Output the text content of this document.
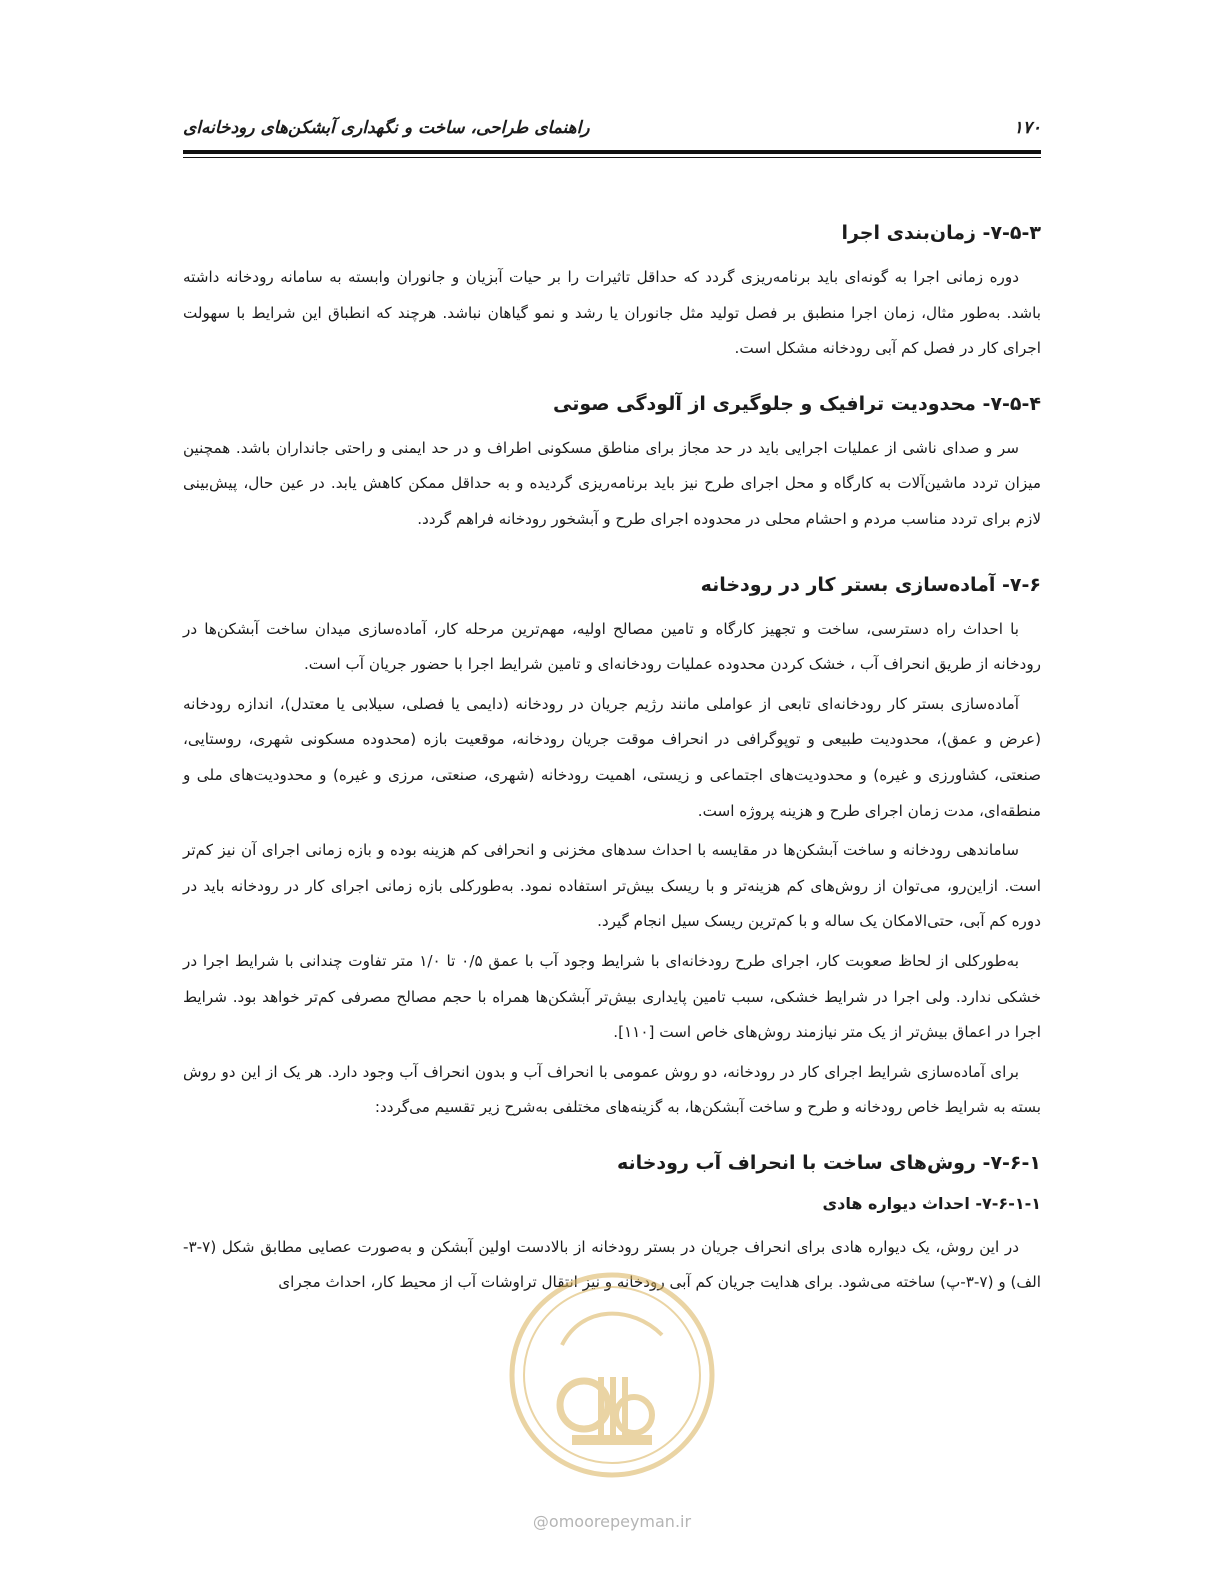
راهنمای طراحی، ساخت و نگهداری آبشکن‌های رودخانه‌ای	۱۷۰
۷-۵-۳- زمان‌بندی اجرا

دوره زمانی اجرا به گونه‌ای باید برنامه‌ریزی گردد که حداقل تاثیرات را بر حیات آبزیان و جانوران وابسته به سامانه رودخانه داشته باشد. به‌طور مثال، زمان اجرا منطبق بر فصل تولید مثل جانوران یا رشد و نمو گیاهان نباشد. هرچند که انطباق این شرایط با سهولت اجرای کار در فصل کم آبی رودخانه مشکل است.

۷-۵-۴- محدودیت ترافیک و جلوگیری از آلودگی صوتی

سر و صدای ناشی از عملیات اجرایی باید در حد مجاز برای مناطق مسکونی اطراف و در حد ایمنی و راحتی جانداران باشد. همچنین میزان تردد ماشین‌آلات به کارگاه و محل اجرای طرح نیز باید برنامه‌ریزی گردیده و به حداقل ممکن کاهش یابد. در عین حال، پیش‌بینی لازم برای تردد مناسب مردم و احشام محلی در محدوده اجرای طرح و آبشخور رودخانه فراهم گردد.

۷-۶- آماده‌سازی بستر کار در رودخانه

با احداث راه دسترسی، ساخت و تجهیز کارگاه و تامین مصالح اولیه، مهم‌ترین مرحله کار، آماده‌سازی میدان ساخت آبشکن‌ها در رودخانه از طریق انحراف آب ، خشک کردن محدوده عملیات رودخانه‌ای و تامین شرایط اجرا با حضور جریان آب است.

آماده‌سازی بستر کار رودخانه‌ای تابعی از عواملی مانند رژیم جریان در رودخانه (دایمی یا فصلی، سیلابی یا معتدل)، اندازه رودخانه (عرض و عمق)، محدودیت طبیعی و توپوگرافی در انحراف موقت جریان رودخانه، موقعیت بازه (محدوده مسکونی شهری، روستایی، صنعتی، کشاورزی و غیره) و محدودیت‌های اجتماعی و زیستی، اهمیت رودخانه (شهری، صنعتی، مرزی و غیره) و محدودیت‌های ملی و منطقه‌ای، مدت زمان اجرای طرح و هزینه پروژه است.

ساماندهی رودخانه و ساخت آبشکن‌ها در مقایسه با احداث سدهای مخزنی و انحرافی کم هزینه بوده و بازه زمانی اجرای آن نیز کم‌تر است. ازاین‌رو، می‌توان از روش‌های کم هزینه‌تر و با ریسک بیش‌تر استفاده نمود. به‌طورکلی بازه زمانی اجرای کار در رودخانه باید در دوره کم آبی، حتی‌الامکان یک ساله و با کم‌ترین ریسک سیل انجام گیرد.

به‌طورکلی از لحاظ صعوبت کار، اجرای طرح رودخانه‌ای با شرایط وجود آب با عمق ۰/۵ تا ۱/۰ متر تفاوت چندانی با شرایط اجرا در خشکی ندارد. ولی اجرا در شرایط خشکی، سبب تامین پایداری بیش‌تر آبشکن‌ها همراه با حجم مصالح مصرفی کم‌تر خواهد بود. شرایط اجرا در اعماق بیش‌تر از یک متر نیازمند روش‌های خاص است [۱۱۰].

برای آماده‌سازی شرایط اجرای کار در رودخانه، دو روش عمومی با انحراف آب و بدون انحراف آب وجود دارد. هر یک از این دو روش بسته به شرایط خاص رودخانه و طرح و ساخت آبشکن‌ها، به گزینه‌های مختلفی به‌شرح زیر تقسیم می‌گردد:

۷-۶-۱- روش‌های ساخت با انحراف آب رودخانه
۷-۶-۱-۱- احداث دیواره هادی

در این روش، یک دیواره هادی برای انحراف جریان در بستر رودخانه از بالادست اولین آبشکن و به‌صورت عصایی مطابق شکل (۷-۳-الف) و (۷-۳-پ) ساخته می‌شود. برای هدایت جریان کم آبی رودخانه و نیز انتقال تراوشات آب از محیط کار، احداث مجرای

@omoorepeyman.ir
